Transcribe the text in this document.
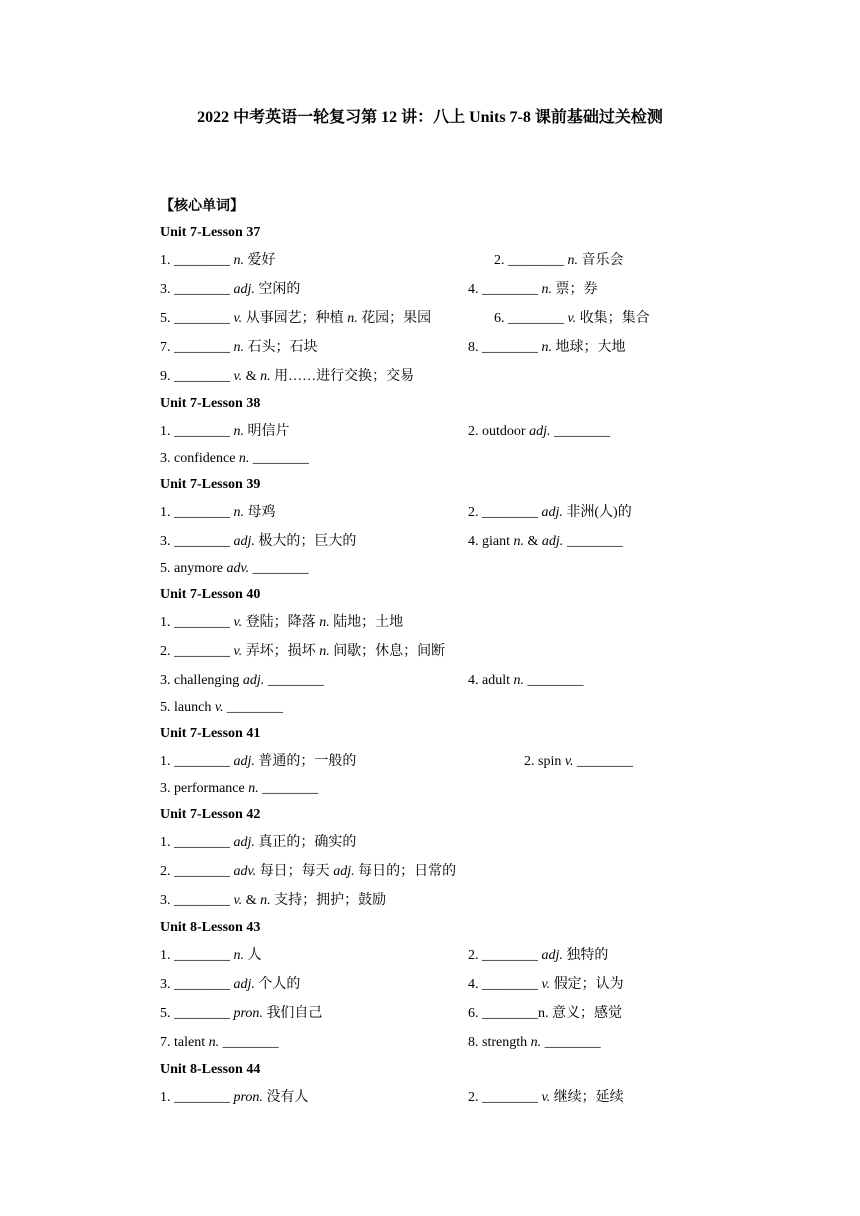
2022 中考英语一轮复习第 12 讲：八上 Units 7-8 课前基础过关检测
【核心单词】
Unit 7-Lesson 37
1. ________ n. 爱好	2. ________ n. 音乐会
3. ________ adj. 空闲的	4. ________ n. 票；券
5. ________ v. 从事园艺；种植 n. 花园；果园	6. ________ v. 收集；集合
7. ________ n. 石头；石块	8. ________ n. 地球；大地
9. ________ v. & n. 用……进行交换；交易
Unit 7-Lesson 38
1. ________ n. 明信片	2. outdoor adj. ________
3. confidence n. ________
Unit 7-Lesson 39
1. ________ n. 母鸡	2. ________ adj. 非洲(人)的
3. ________ adj. 极大的；巨大的	4. giant n. & adj. ________
5. anymore adv. ________
Unit 7-Lesson 40
1. ________ v. 登陆；降落 n. 陆地；土地
2. ________ v. 弄坏；损坏 n. 间歇；休息；间断
3. challenging adj. ________	4. adult n. ________
5. launch v. ________
Unit 7-Lesson 41
1. ________ adj. 普通的；一般的	2. spin v. ________
3. performance n. ________
Unit 7-Lesson 42
1. ________ adj. 真正的；确实的
2. ________ adv. 每日；每天 adj. 每日的；日常的
3. ________ v. & n. 支持；拥护；鼓励
Unit 8-Lesson 43
1. ________ n. 人	2. ________ adj. 独特的
3. ________ adj. 个人的	4. ________ v. 假定；认为
5. ________ pron. 我们自己	6. ________n. 意义；感觉
7. talent n. ________	8. strength n. ________
Unit 8-Lesson 44
1. ________ pron. 没有人	2. ________ v. 继续；延续
